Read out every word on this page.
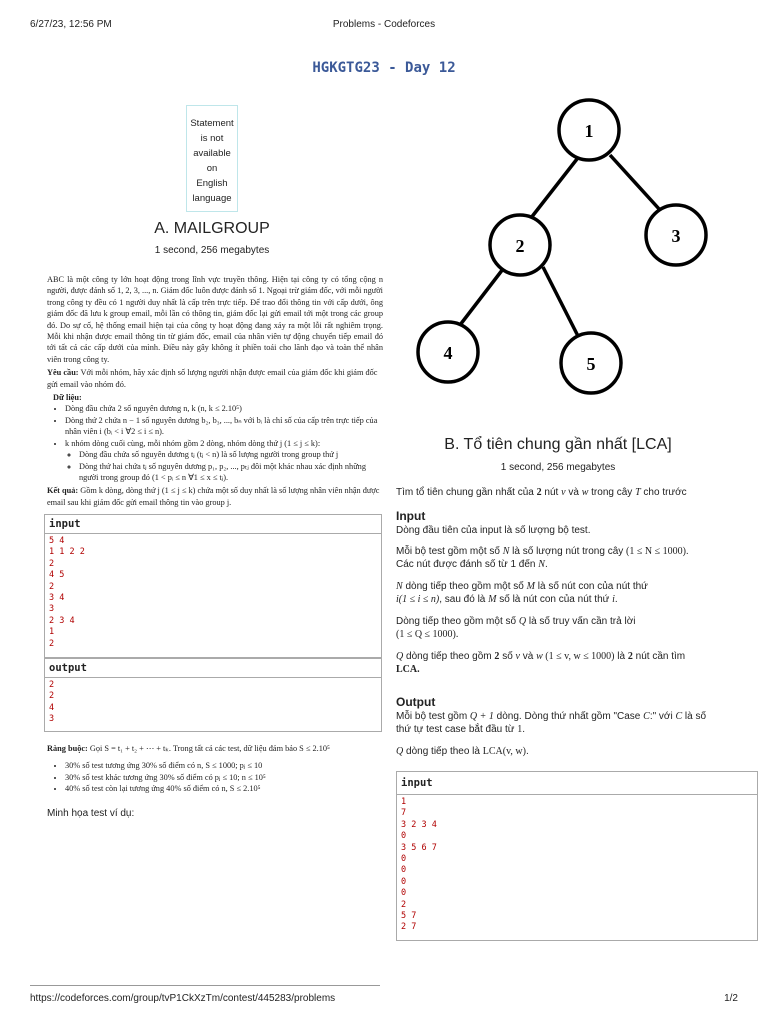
6/27/23, 12:56 PM	Problems - Codeforces
HGKGTG23 - Day 12
Statement
is not
available
on
English
language
A. MAILGROUP
1 second, 256 megabytes
ABC là một công ty lớn hoạt động trong lĩnh vực truyền thông. Hiện tại công ty có tổng cộng n người, được đánh số 1, 2, 3, ..., n. Giám đốc luôn được đánh số 1. Ngoại trừ giám đốc, với mỗi người trong công ty đều có 1 người duy nhất là cấp trên trực tiếp. Để trao đổi thông tin với cấp dưới, ông giám đốc đã lưu k group email, mỗi lần có thông tin, giám đốc lại gửi email tới một trong các group đó. Do sự cố, hệ thống email hiện tại của công ty hoạt động đang xảy ra một lỗi rất nghiêm trọng. Mỗi khi nhận được email thông tin từ giám đốc, email của nhân viên tự động chuyển tiếp email đó tới tất cả các cấp dưới của mình. Điều này gây không ít phiền toái cho lãnh đạo và toàn thể nhân viên trong công ty.
Yêu cầu: Với mỗi nhóm, hãy xác định số lượng người nhận được email của giám đốc khi giám đốc gửi email vào nhóm đó.
Dữ liệu:
• Dòng đầu chứa 2 số nguyên dương n, k (n, k ≤ 2.10⁵)
• Dòng thứ 2 chứa n − 1 số nguyên dương b₂, b₃, ..., bₙ với bᵢ là chỉ số của cấp trên trực tiếp của nhân viên i (bᵢ < i ∀2 ≤ i ≤ n).
• k nhóm dòng cuối cùng, mỗi nhóm gồm 2 dòng, nhóm dòng thứ j (1 ≤ j ≤ k):
◦ Dòng đầu chứa số nguyên dương tⱼ (tⱼ < n) là số lượng người trong group thứ j
◦ Dòng thứ hai chứa tⱼ số nguyên dương p₁, p₂, ..., pₜⱼ đôi một khác nhau xác định những người trong group đó (1 < pᵢ ≤ n ∀1 ≤ x ≤ tⱼ).
Kết quả: Gồm k dòng, dòng thứ j (1 ≤ j ≤ k) chứa một số duy nhất là số lượng nhân viên nhận được email sau khi giám đốc gửi email thông tin vào group j.
input
5 4
1 1 2 2
2
4 5
2
3 4
3
2 3 4
1
2
output
2
2
4
3
Ràng buộc: Gọi S = t₁ + t₂ + ⋯ + tₖ. Trong tất cả các test, dữ liệu đảm bảo S ≤ 2.10⁵
• 30% số test tương ứng 30% số điểm có n, S ≤ 1000; pⱼ ≤ 10
• 30% số test khác tương ứng 30% số điểm có pⱼ ≤ 10; n ≤ 10⁵
• 40% số test còn lại tương ứng 40% số điểm có n, S ≤ 2.10⁵
Minh họa test ví dụ:
1
2	3
4
5
B. Tổ tiên chung gần nhất [LCA]
1 second, 256 megabytes
Tìm tổ tiên chung gần nhất của 2 nút v và w trong cây T cho trước
Input
Dòng đầu tiên của input là số lượng bộ test.
Mỗi bộ test gồm một số N là số lượng nút trong cây (1 ≤ N ≤ 1000).
Các nút được đánh số từ 1 đến N.
N dòng tiếp theo gồm một số M là số nút con của nút thứ
i(1 ≤ i ≤ n), sau đó là M số là nút con của nút thứ i.
Dòng tiếp theo gồm một số Q là số truy vấn cần trả lời
(1 ≤ Q ≤ 1000).
Q dòng tiếp theo gồm 2 số v và w (1 ≤ v, w ≤ 1000) là 2 nút cần tìm
LCA.
Output
Mỗi bộ test gồm Q + 1 dòng. Dòng thứ nhất gồm "Case C:" với C là số
thứ tự test case bắt đầu từ 1.
Q dòng tiếp theo là LCA(v, w).
input
1
7
3 2 3 4
0
3 5 6 7
0
0
0
0
2
5 7
2 7
https://codeforces.com/group/tvP1CkXzTm/contest/445283/problems	1/2
